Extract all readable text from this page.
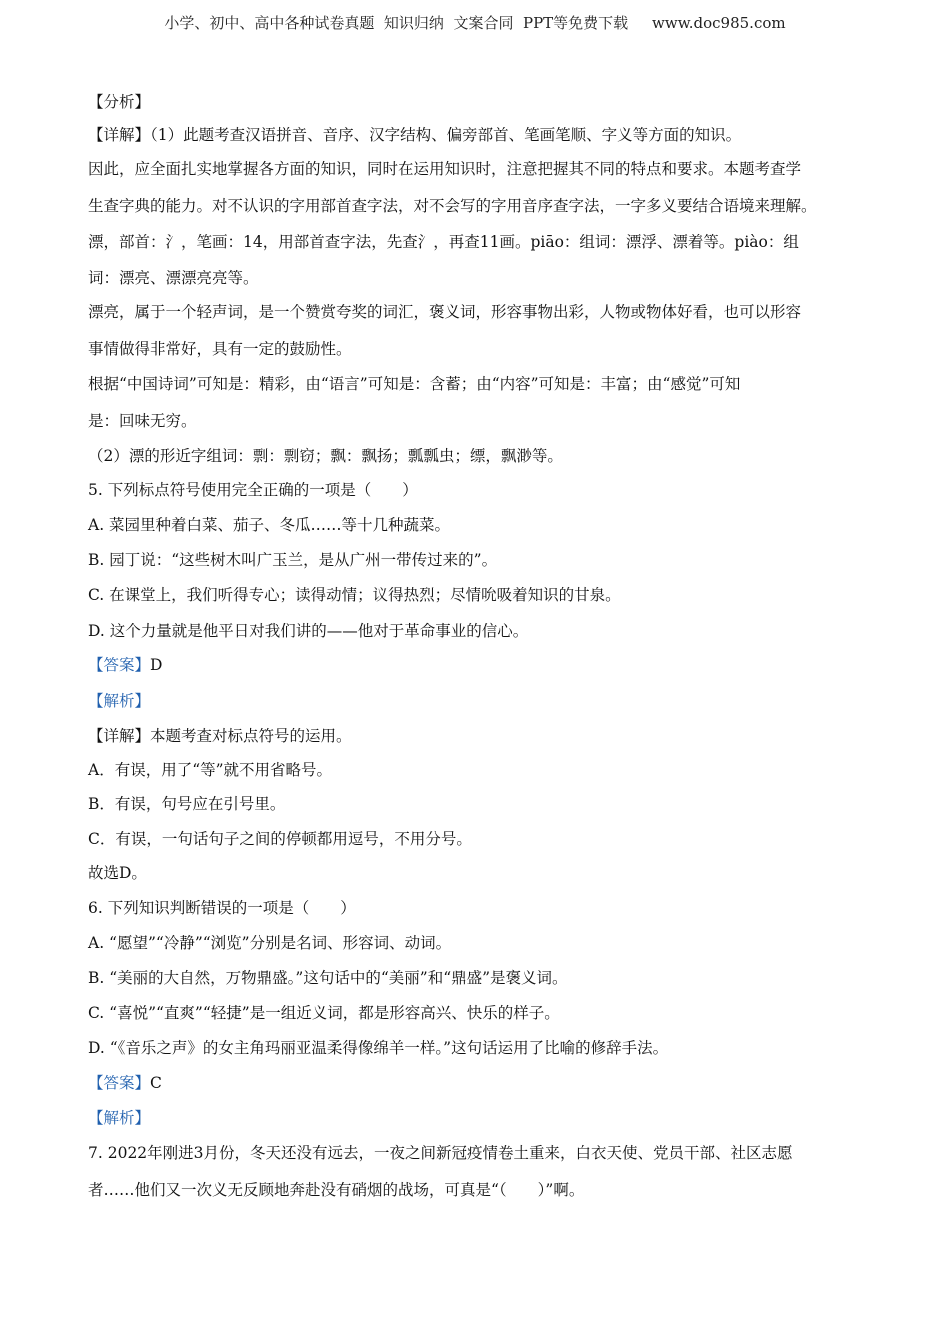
小学、初中、高中各种试卷真题  知识归纳  文案合同  PPT等免费下载     www.doc985.com
【分析】
【详解】（1）此题考查汉语拼音、音序、汉字结构、偏旁部首、笔画笔顺、字义等方面的知识。
因此，应全面扎实地掌握各方面的知识，同时在运用知识时，注意把握其不同的特点和要求。本题考查学
生查字典的能力。对不认识的字用部首查字法，对不会写的字用音序查字法，一字多义要结合语境来理解。
漂，部首：氵，笔画：14，用部首查字法，先查氵，再查11画。piāo：组词：漂浮、漂着等。piào：组
词：漂亮、漂漂亮亮等。
漂亮，属于一个轻声词，是一个赞赏夸奖的词汇，褒义词，形容事物出彩，人物或物体好看，也可以形容
事情做得非常好，具有一定的鼓励性。
根据“中国诗词”可知是：精彩，由“语言”可知是：含蓄；由“内容”可知是：丰富；由“感觉”可知
是：回味无穷。
（2）漂的形近字组词：剽：剽窃；飘：飘扬；瓢瓢虫；缥，飘渺等。
5. 下列标点符号使用完全正确的一项是（　　）
A. 菜园里种着白菜、茄子、冬瓜……等十几种蔬菜。
B. 园丁说：“这些树木叫广玉兰，是从广州一带传过来的”。
C. 在课堂上，我们听得专心；读得动情；议得热烈；尽情吮吸着知识的甘泉。
D. 这个力量就是他平日对我们讲的——他对于革命事业的信心。
【答案】D
【解析】
【详解】本题考查对标点符号的运用。
A．有误，用了“等”就不用省略号。
B．有误，句号应在引号里。
C．有误，一句话句子之间的停顿都用逗号，不用分号。
故选D。
6. 下列知识判断错误的一项是（　　）
A. “愿望”“冷静”“浏览”分别是名词、形容词、动词。
B. “美丽的大自然，万物鼎盛。”这句话中的“美丽”和“鼎盛”是褒义词。
C. “喜悦”“直爽”“轻捷”是一组近义词，都是形容高兴、快乐的样子。
D. “《音乐之声》的女主角玛丽亚温柔得像绵羊一样。”这句话运用了比喻的修辞手法。
【答案】C
【解析】
7. 2022年刚进3月份，冬天还没有远去，一夜之间新冠疫情卷土重来，白衣天使、党员干部、社区志愿
者……他们又一次义无反顾地奔赴没有硝烟的战场，可真是“（　　）”啊。
